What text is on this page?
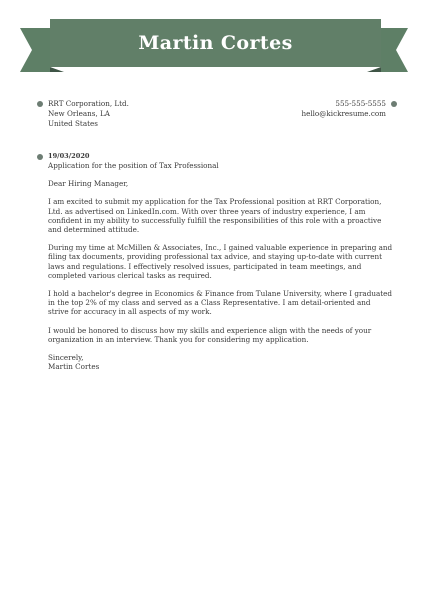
Martin Cortes
RRT Corporation, Ltd.
New Orleans, LA
United States
555-555-5555
hello@kickresume.com
19/03/2020
Application for the position of Tax Professional
Dear Hiring Manager,
I am excited to submit my application for the Tax Professional position at RRT Corporation, Ltd. as advertised on LinkedIn.com. With over three years of industry experience, I am confident in my ability to successfully fulfill the responsibilities of this role with a proactive and determined attitude.
During my time at McMillen & Associates, Inc., I gained valuable experience in preparing and filing tax documents, providing professional tax advice, and staying up-to-date with current laws and regulations. I effectively resolved issues, participated in team meetings, and completed various clerical tasks as required.
I hold a bachelor's degree in Economics & Finance from Tulane University, where I graduated in the top 2% of my class and served as a Class Representative. I am detail-oriented and strive for accuracy in all aspects of my work.
I would be honored to discuss how my skills and experience align with the needs of your organization in an interview. Thank you for considering my application.
Sincerely,
Martin Cortes
